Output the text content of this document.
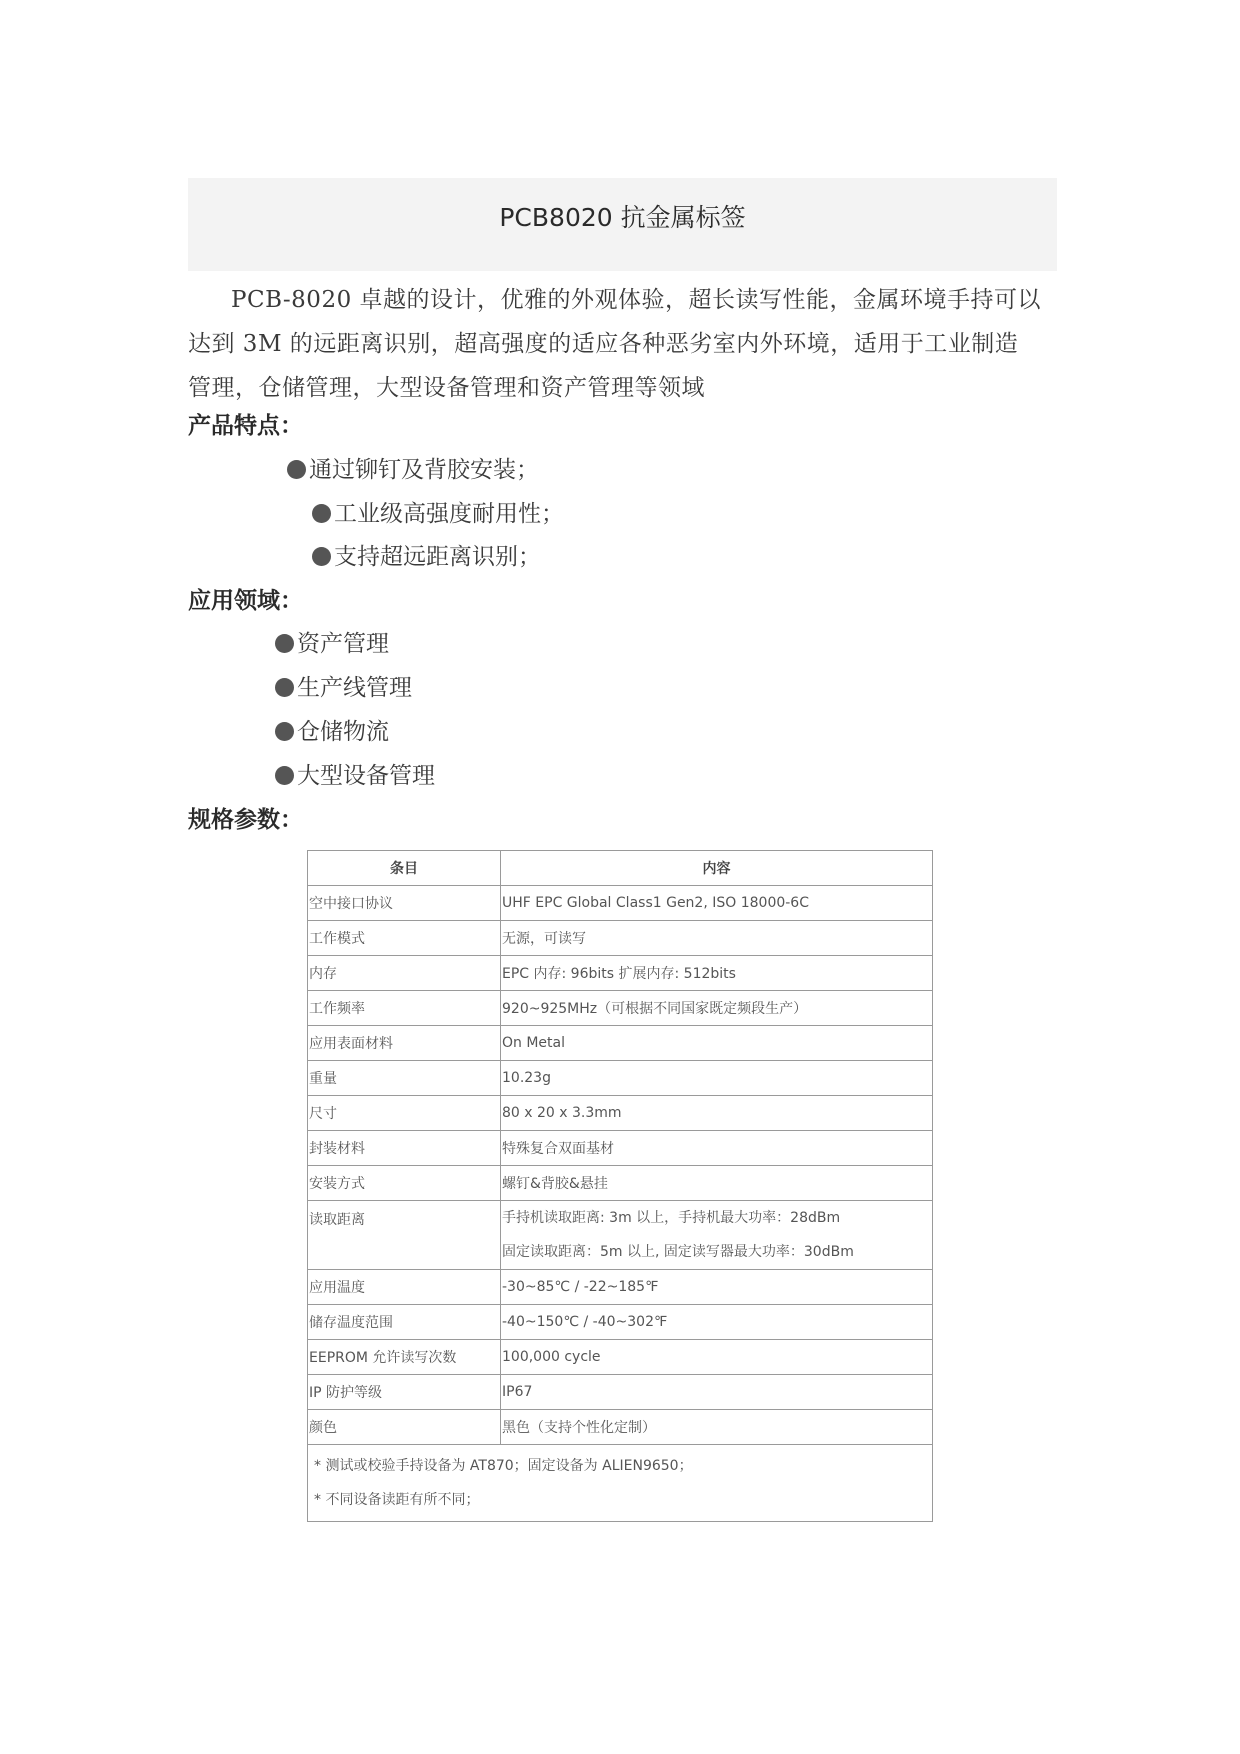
PCB8020 抗金属标签
PCB-8020 卓越的设计，优雅的外观体验，超长读写性能，金属环境手持可以
达到 3M 的远距离识别，超高强度的适应各种恶劣室内外环境，适用于工业制造
管理，仓储管理，大型设备管理和资产管理等领域
产品特点：
通过铆钉及背胶安装；
工业级高强度耐用性；
支持超远距离识别；
应用领域：
资产管理
生产线管理
仓储物流
大型设备管理
规格参数：
条目	内容
空中接口协议	UHF EPC Global Class1 Gen2, ISO 18000-6C
工作模式	无源，可读写
内存	EPC 内存: 96bits 扩展内存: 512bits
工作频率	920~925MHz（可根据不同国家既定频段生产）
应用表面材料	On Metal
重量	10.23g
尺寸	80 x 20 x 3.3mm
封装材料	特殊复合双面基材
安装方式	螺钉&背胶&悬挂
读取距离	手持机读取距离: 3m 以上，手持机最大功率：28dBm
固定读取距离：5m 以上, 固定读写器最大功率：30dBm

应用温度	-30~85℃ / -22~185℉
储存温度范围	-40~150℃ / -40~302℉
EEPROM 允许读写次数	100,000 cycle
IP 防护等级	IP67
颜色	黑色（支持个性化定制）

* 测试或校验手持设备为 AT870；固定设备为 ALIEN9650；
* 不同设备读距有所不同；	
